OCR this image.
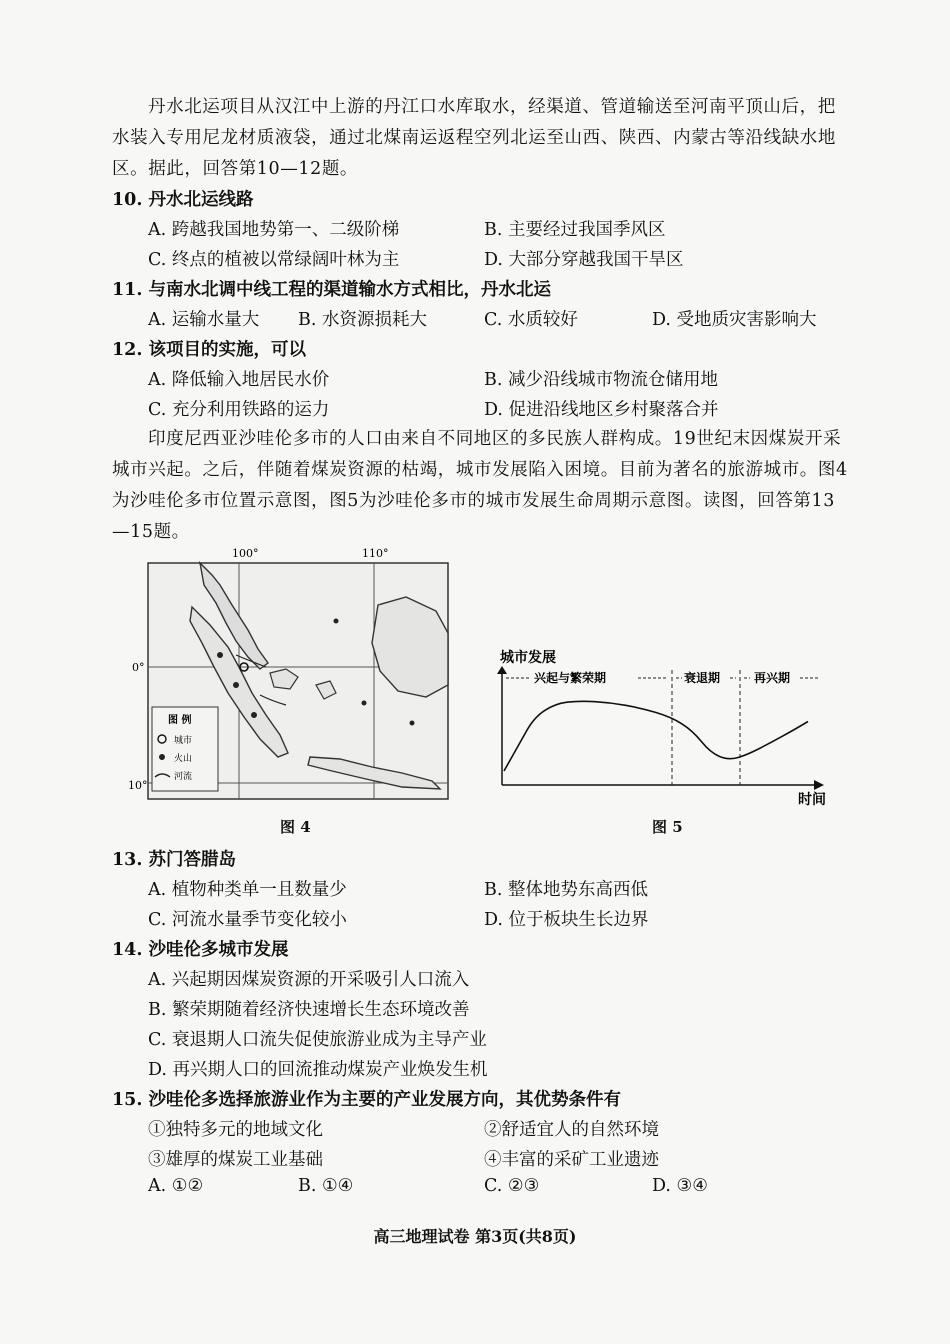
丹水北运项目从汉江中上游的丹江口水库取水，经渠道、管道输送至河南平顶山后，把水装入专用尼龙材质液袋，通过北煤南运返程空列北运至山西、陕西、内蒙古等沿线缺水地区。据此，回答第10—12题。
10. 丹水北运线路
A. 跨越我国地势第一、二级阶梯	B. 主要经过我国季风区
C. 终点的植被以常绿阔叶林为主	D. 大部分穿越我国干旱区
11. 与南水北调中线工程的渠道输水方式相比，丹水北运
A. 运输水量大 B. 水资源损耗大	C. 水质较好	D. 受地质灾害影响大
12. 该项目的实施，可以
A. 降低输入地居民水价	B. 减少沿线城市物流仓储用地
C. 充分利用铁路的运力	D. 促进沿线地区乡村聚落合并
印度尼西亚沙哇伦多市的人口由来自不同地区的多民族人群构成。19世纪末因煤炭开采城市兴起。之后，伴随着煤炭资源的枯竭，城市发展陷入困境。目前为著名的旅游城市。图4为沙哇伦多市位置示意图，图5为沙哇伦多市的城市发展生命周期示意图。读图，回答第13—15题。
100°	110°
0°
10°
图 例
城市
火山
河流
图 4
城市发展
时间
兴起与繁荣期	衰退期	再兴期
图 5
13. 苏门答腊岛
A. 植物种类单一且数量少	B. 整体地势东高西低
C. 河流水量季节变化较小	D. 位于板块生长边界
14. 沙哇伦多城市发展
A. 兴起期因煤炭资源的开采吸引人口流入
B. 繁荣期随着经济快速增长生态环境改善
C. 衰退期人口流失促使旅游业成为主导产业
D. 再兴期人口的回流推动煤炭产业焕发生机
15. 沙哇伦多选择旅游业作为主要的产业发展方向，其优势条件有
①独特多元的地域文化	②舒适宜人的自然环境
③雄厚的煤炭工业基础	④丰富的采矿工业遗迹
A. ①②	B. ①④	C. ②③	D. ③④
高三地理试卷 第3页(共8页)
